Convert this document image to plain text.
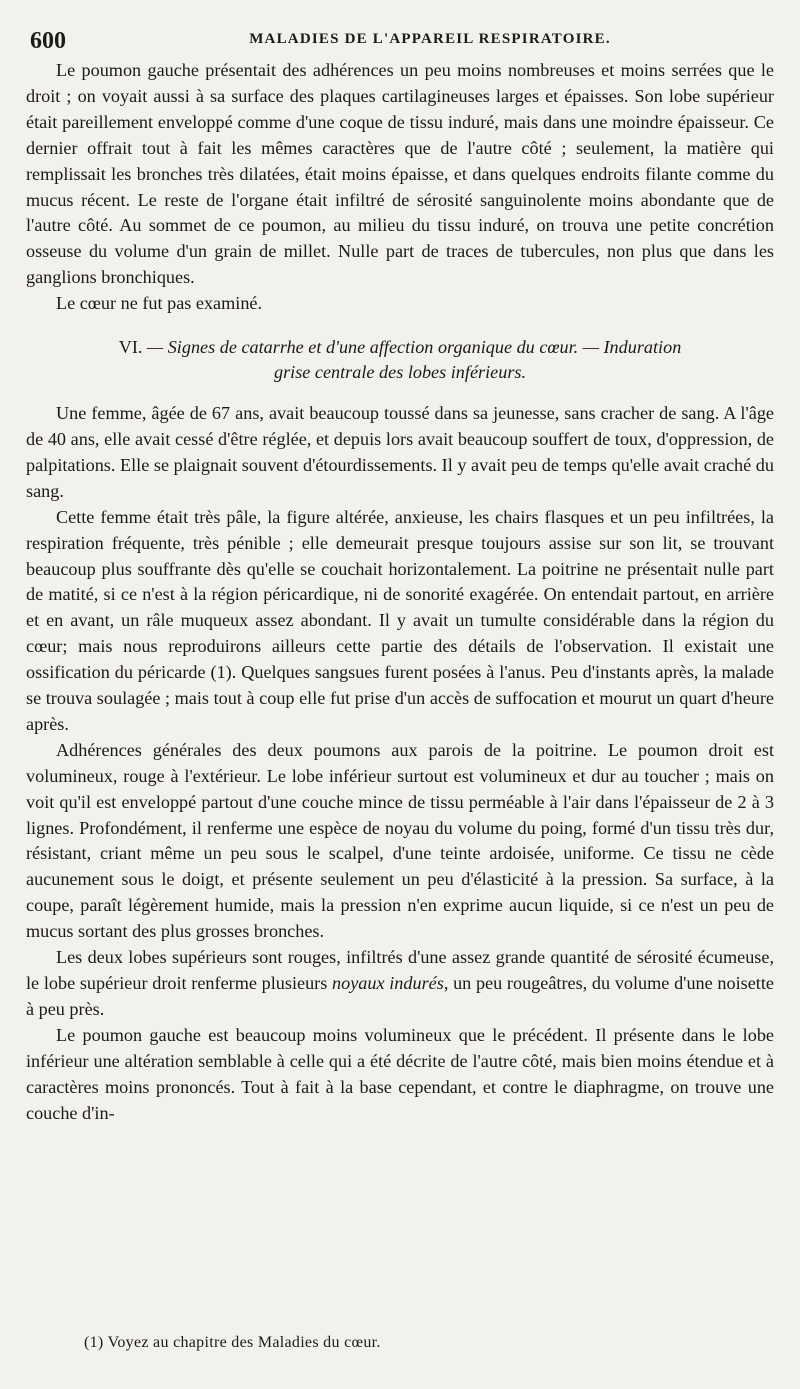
600	MALADIES DE L'APPAREIL RESPIRATOIRE.

Le poumon gauche présentait des adhérences un peu moins nombreuses et moins serrées que le droit ; on voyait aussi à sa surface des plaques cartilagineuses larges et épaisses. Son lobe supérieur était pareillement enveloppé comme d'une coque de tissu induré, mais dans une moindre épaisseur. Ce dernier offrait tout à fait les mêmes caractères que de l'autre côté ; seulement, la matière qui remplissait les bronches très dilatées, était moins épaisse, et dans quelques endroits filante comme du mucus récent. Le reste de l'organe était infiltré de sérosité sanguinolente moins abondante que de l'autre côté. Au sommet de ce poumon, au milieu du tissu induré, on trouva une petite concrétion osseuse du volume d'un grain de millet. Nulle part de traces de tubercules, non plus que dans les ganglions bronchiques.

Le cœur ne fut pas examiné.

VI. — Signes de catarrhe et d'une affection organique du cœur. — Induration
grise centrale des lobes inférieurs.

Une femme, âgée de 67 ans, avait beaucoup toussé dans sa jeunesse, sans cracher de sang. A l'âge de 40 ans, elle avait cessé d'être réglée, et depuis lors avait beaucoup souffert de toux, d'oppression, de palpitations. Elle se plaignait souvent d'étourdissements. Il y avait peu de temps qu'elle avait craché du sang.

Cette femme était très pâle, la figure altérée, anxieuse, les chairs flasques et un peu infiltrées, la respiration fréquente, très pénible ; elle demeurait presque toujours assise sur son lit, se trouvant beaucoup plus souffrante dès qu'elle se couchait horizontalement. La poitrine ne présentait nulle part de matité, si ce n'est à la région péricardique, ni de sonorité exagérée. On entendait partout, en arrière et en avant, un râle muqueux assez abondant. Il y avait un tumulte considérable dans la région du cœur; mais nous reproduirons ailleurs cette partie des détails de l'observation. Il existait une ossification du péricarde (1). Quelques sangsues furent posées à l'anus. Peu d'instants après, la malade se trouva soulagée ; mais tout à coup elle fut prise d'un accès de suffocation et mourut un quart d'heure après.

Adhérences générales des deux poumons aux parois de la poitrine. Le poumon droit est volumineux, rouge à l'extérieur. Le lobe inférieur surtout est volumineux et dur au toucher ; mais on voit qu'il est enveloppé partout d'une couche mince de tissu perméable à l'air dans l'épaisseur de 2 à 3 lignes. Profondément, il renferme une espèce de noyau du volume du poing, formé d'un tissu très dur, résistant, criant même un peu sous le scalpel, d'une teinte ardoisée, uniforme. Ce tissu ne cède aucunement sous le doigt, et présente seulement un peu d'élasticité à la pression. Sa surface, à la coupe, paraît légèrement humide, mais la pression n'en exprime aucun liquide, si ce n'est un peu de mucus sortant des plus grosses bronches.

Les deux lobes supérieurs sont rouges, infiltrés d'une assez grande quantité de sérosité écumeuse, le lobe supérieur droit renferme plusieurs noyaux indurés, un peu rougeâtres, du volume d'une noisette à peu près.

Le poumon gauche est beaucoup moins volumineux que le précédent. Il présente dans le lobe inférieur une altération semblable à celle qui a été décrite de l'autre côté, mais bien moins étendue et à caractères moins prononcés. Tout à fait à la base cependant, et contre le diaphragme, on trouve une couche d'in-

(1) Voyez au chapitre des Maladies du cœur.
